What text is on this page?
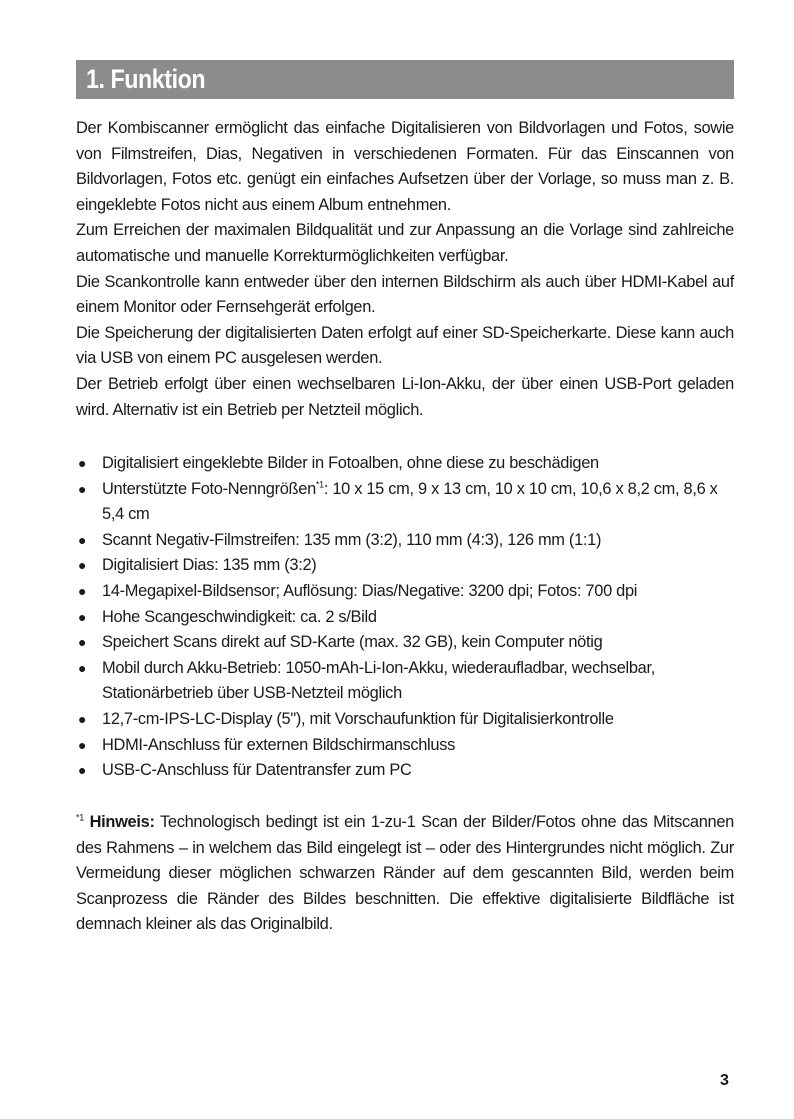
1. Funktion

Der Kombiscanner ermöglicht das einfache Digitalisieren von Bildvorlagen und Fotos, sowie von Filmstreifen, Dias, Negativen in verschiedenen Formaten. Für das Einscannen von Bildvorlagen, Fotos etc. genügt ein einfaches Aufsetzen über der Vorlage, so muss man z. B. eingeklebte Fotos nicht aus einem Album entnehmen.

Zum Erreichen der maximalen Bildqualität und zur Anpassung an die Vorlage sind zahlreiche automatische und manuelle Korrekturmöglichkeiten verfügbar.

Die Scankontrolle kann entweder über den internen Bildschirm als auch über HDMI-Kabel auf einem Monitor oder Fernsehgerät erfolgen.

Die Speicherung der digitalisierten Daten erfolgt auf einer SD-Speicherkarte. Diese kann auch via USB von einem PC ausgelesen werden.

Der Betrieb erfolgt über einen wechselbaren Li-Ion-Akku, der über einen USB-Port geladen wird. Alternativ ist ein Betrieb per Netzteil möglich.

● Digitalisiert eingeklebte Bilder in Fotoalben, ohne diese zu beschädigen
● Unterstützte Foto-Nenngrößen$^{*1}$: 10 x 15 cm, 9 x 13 cm, 10 x 10 cm, 10,6 x 8,2 cm, 8,6 x 5,4 cm
● Scannt Negativ-Filmstreifen: 135 mm (3:2), 110 mm (4:3), 126 mm (1:1)
● Digitalisiert Dias: 135 mm (3:2)
● 14-Megapixel-Bildsensor; Auflösung: Dias/Negative: 3200 dpi; Fotos: 700 dpi
● Hohe Scangeschwindigkeit: ca. 2 s/Bild
● Speichert Scans direkt auf SD-Karte (max. 32 GB), kein Computer nötig
● Mobil durch Akku-Betrieb: 1050-mAh-Li-Ion-Akku, wiederaufladbar, wechselbar, Stationärbetrieb über USB-Netzteil möglich
● 12,7-cm-IPS-LC-Display (5"), mit Vorschaufunktion für Digitalisierkontrolle
● HDMI-Anschluss für externen Bildschirmanschluss
● USB-C-Anschluss für Datentransfer zum PC

$^{*1}$ Hinweis: Technologisch bedingt ist ein 1-zu-1 Scan der Bilder/Fotos ohne das Mitscannen des Rahmens – in welchem das Bild eingelegt ist – oder des Hintergrundes nicht möglich. Zur Vermeidung dieser möglichen schwarzen Ränder auf dem gescannten Bild, werden beim Scanprozess die Ränder des Bildes beschnitten. Die effektive digitalisierte Bildfläche ist demnach kleiner als das Originalbild.

3
